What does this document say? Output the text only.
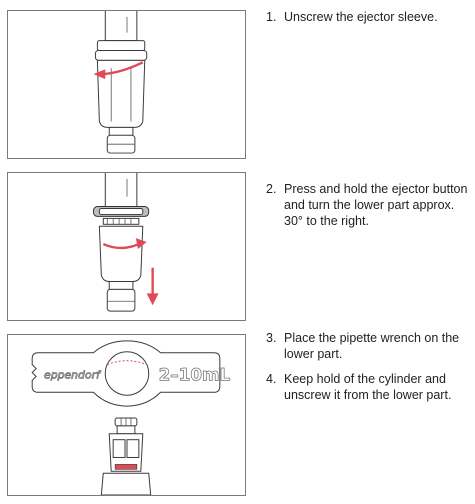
1. Unscrew the ejector sleeve.
2. Press and hold the ejector button and turn the lower part approx. 30° to the right.
eppendorf	2–10mL
3. Place the pipette wrench on the lower part.
4. Keep hold of the cylinder and unscrew it from the lower part.
